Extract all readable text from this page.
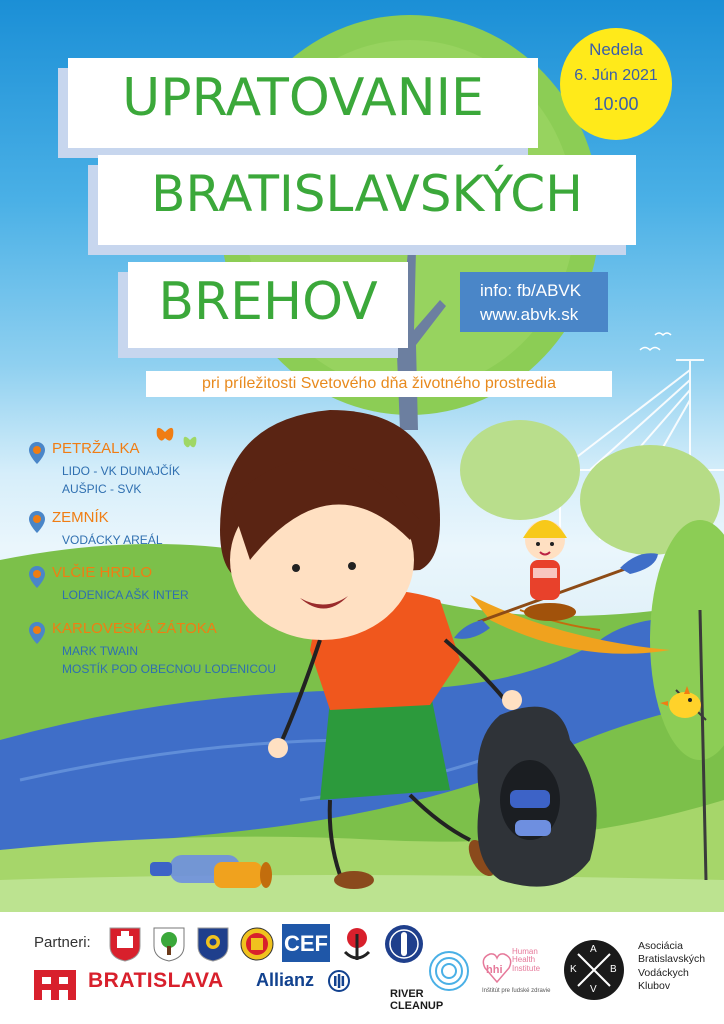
UPRATOVANIE
BRATISLAVSKÝCH
BREHOV
Nedela
6. Jún 2021
10:00
info: fb/ABVK
www.abvk.sk
pri príležitosti Svetového dňa životného prostredia
PETRŽALKA
LIDO - VK DUNAJČÍK
AUŠPIC - SVK
ZEMNÍK
VODÁCKY AREÁL
VLČIE HRDLO
LODENICA AŠK INTER
KARLOVESKÁ ZÁTOKA
MARK TWAIN
MOSTÍK POD OBECNOU LODENICOU
Partneri:	CEF
BRATISLAVA Allianz
RIVER
CLEANUP
hhi
Human
Health
Institute
Inštitút pre ľudské zdravie
A
B
V
K
Asociácia
Bratislavských
Vodáckych
Klubov
